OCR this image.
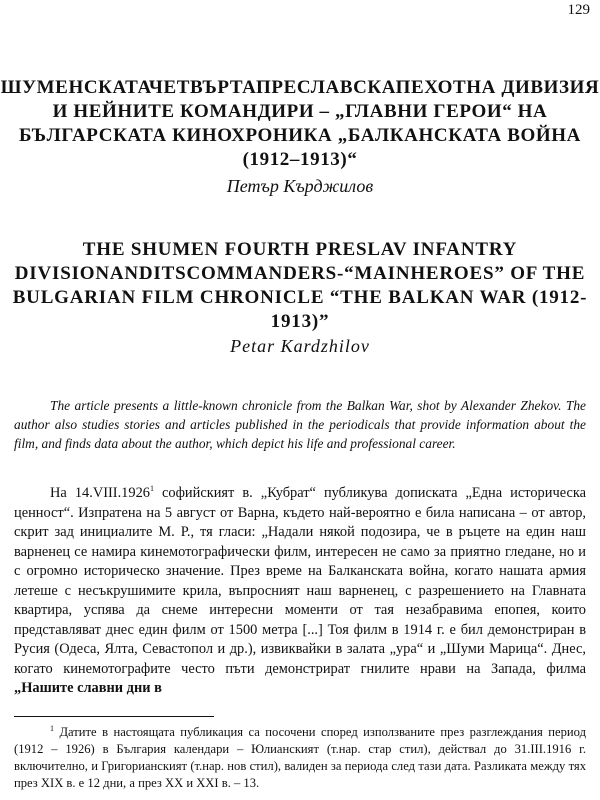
129
ШУМЕНСКАТАЧЕТВЪРТАПРЕСЛАВСКАПЕХОТНА ДИВИЗИЯ И НЕЙНИТЕ КОМАНДИРИ – „ГЛАВНИ ГЕРОИ“ НА БЪЛГАРСКАТА КИНОХРОНИКА „БАЛКАНСКАТА ВОЙНА (1912–1913)“
Петър Кърджилов
THE SHUMEN FOURTH PRESLAV INFANTRY DIVISIONANDITSCOMMANDERS-“MAINHEROES” OF THE BULGARIAN FILM CHRONICLE “THE BALKAN WAR (1912-1913)”
Petar Kardzhilov

The article presents a little-known chronicle from the Balkan War, shot by Alexander Zhekov. The author also studies stories and articles published in the periodicals that provide information about the film, and finds data about the author, which depict his life and professional career.

На 14.VIII.1926$^1$ софийският в. „Кубрат“ публикува дописката „Една историческа ценност“. Изпратена на 5 август от Варна, където най-вероятно е била написана – от автор, скрит зад инициалите М. Р., тя гласи: „Надали някой подозира, че в ръцете на един наш варненец се намира кинемотографически филм, интересен не само за приятно гледане, но и с огромно историческо значение. През време на Балканската война, когато нашата армия летеше с несъкрушимите крила, въпросният наш варненец, с разрешението на Главната квартира, успява да снеме интересни моменти от тая незабравима епопея, които представляват днес един филм от 1500 метра [...] Тоя филм в 1914 г. е бил демонстриран в Русия (Одеса, Ялта, Севастопол и др.), извиквайки в залата „ура“ и „Шуми Марица“. Днес, когато кинемотографите често пъти демонстрират гнилите нрави на Запада, филма „Нашите славни дни в

$^1$ Датите в настоящата публикация са посочени според използваните през разглеждания период (1912 – 1926) в България календари – Юлианският (т.нар. стар стил), действал до 31.III.1916 г. включително, и Григорианският (т.нар. нов стил), валиден за периода след тази дата. Разликата между тях през XIX в. е 12 дни, а през XX и XXI в. – 13.
